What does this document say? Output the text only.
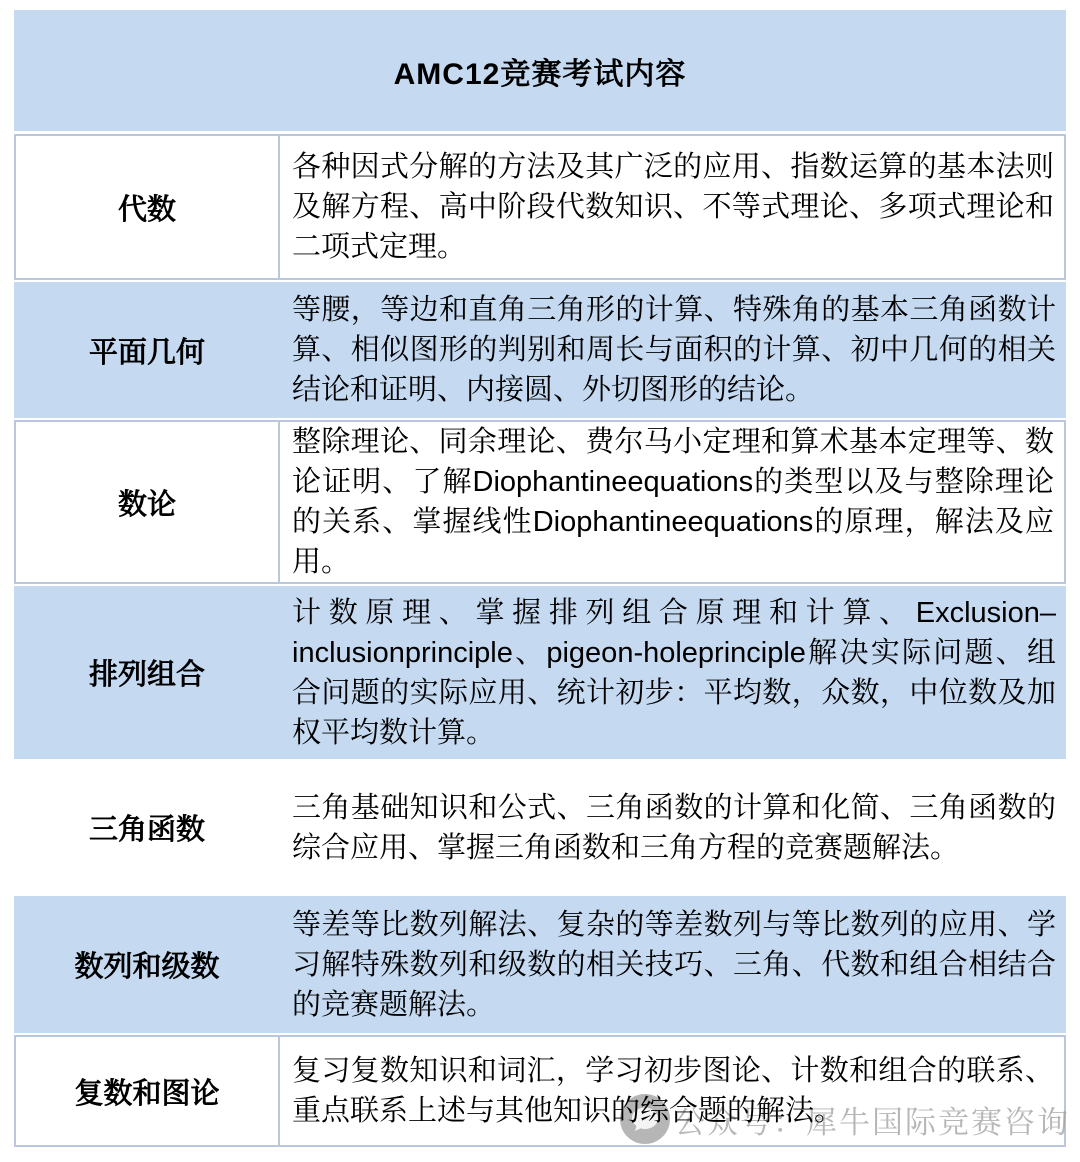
AMC12竞赛考试内容
代数

各种因式分解的方法及其广泛的应用、指数运算的基本法则及解方程、高中阶段代数知识、不等式理论、多项式理论和二项式定理。

平面几何

等腰，等边和直角三角形的计算、特殊角的基本三角函数计算、相似图形的判别和周长与面积的计算、初中几何的相关结论和证明、内接圆、外切图形的结论。

数论

整除理论、同余理论、费尔马小定理和算术基本定理等、数论证明、了解Diophantineequations的类型以及与整除理论的关系、掌握线性Diophantineequations的原理，解法及应用。

排列组合

计数原理、掌握排列组合原理和计算、Exclusion–inclusionprinciple、pigeon-holeprinciple解决实际问题、组合问题的实际应用、统计初步：平均数，众数，中位数及加权平均数计算。

三角函数

三角基础知识和公式、三角函数的计算和化简、三角函数的综合应用、掌握三角函数和三角方程的竞赛题解法。

数列和级数

等差等比数列解法、复杂的等差数列与等比数列的应用、学习解特殊数列和级数的相关技巧、三角、代数和组合相结合的竞赛题解法。

复数和图论

复习复数知识和词汇，学习初步图论、计数和组合的联系、重点联系上述与其他知识的综合题的解法。

公众号：犀牛国际竞赛咨询
